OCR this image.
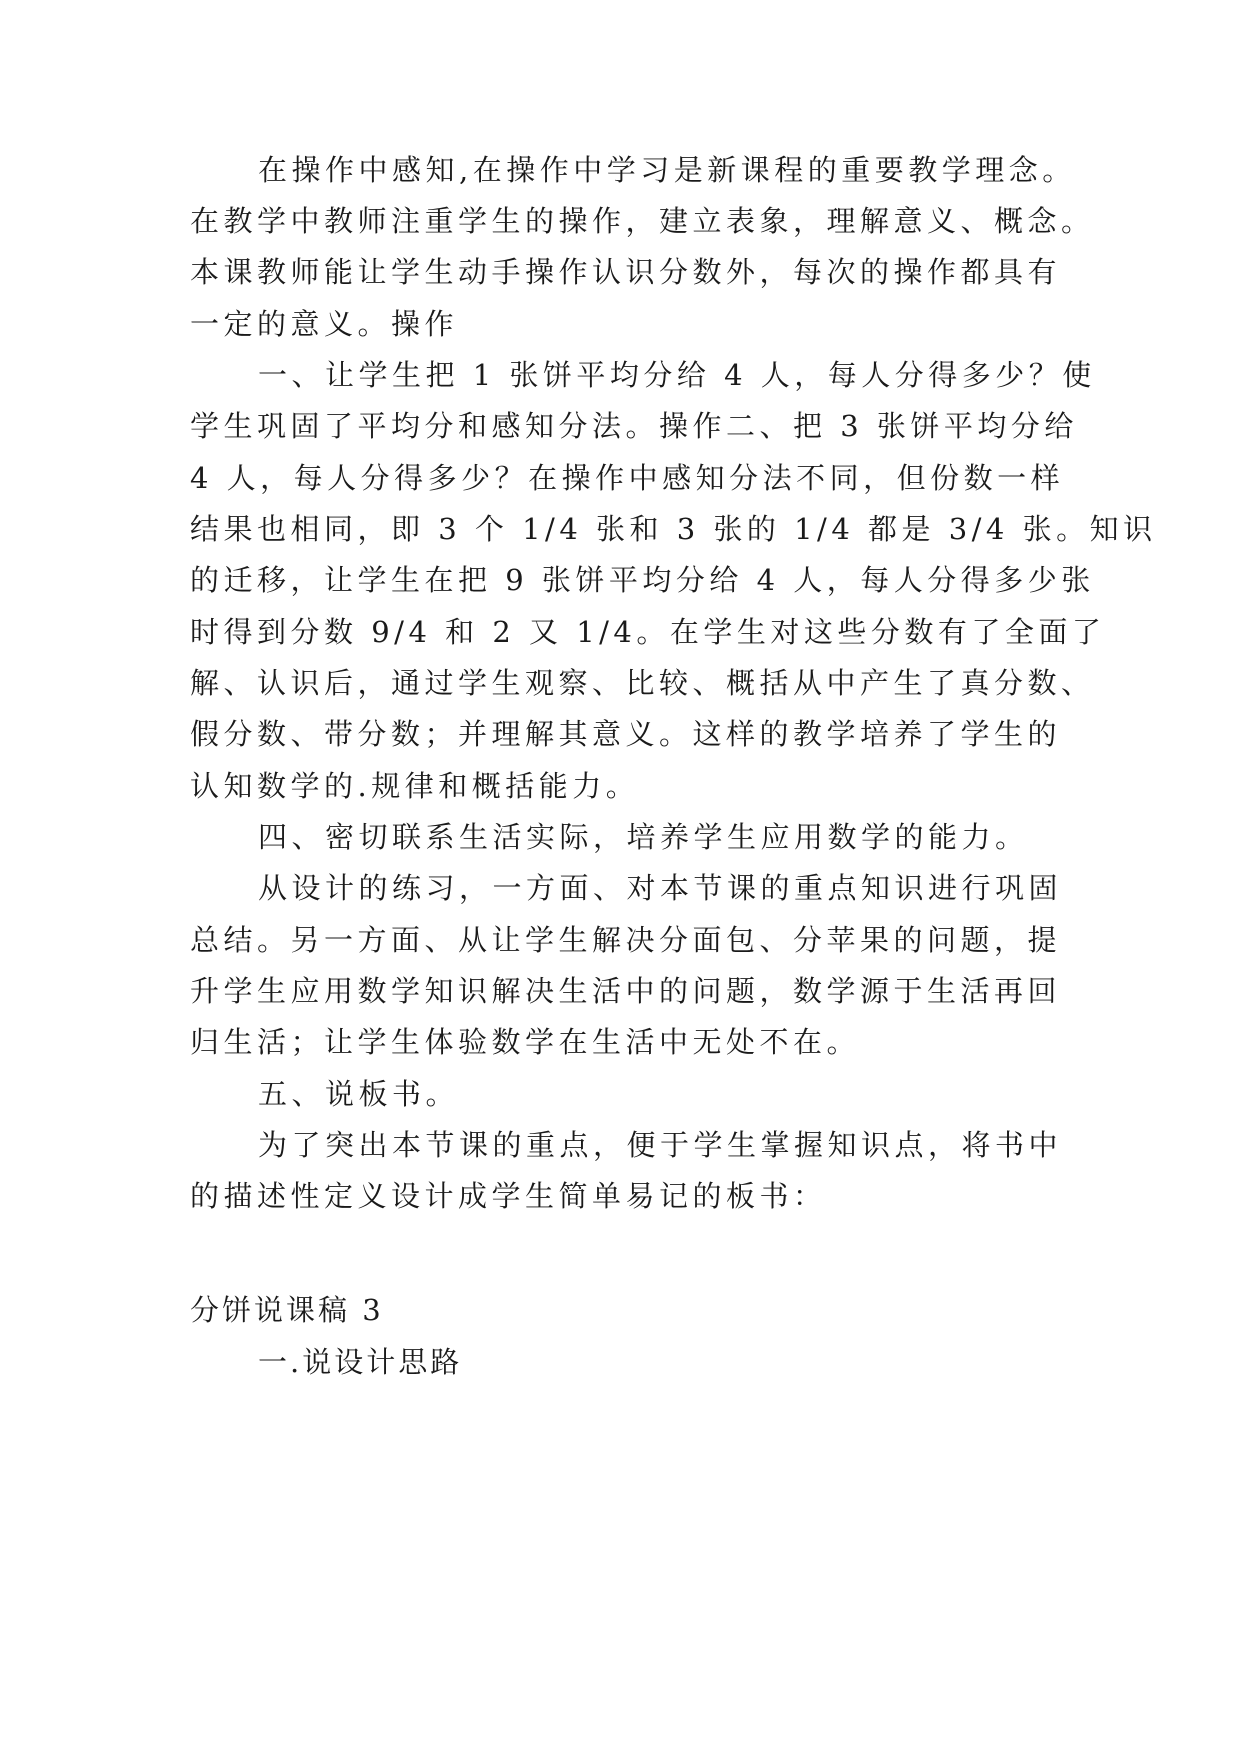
在操作中感知,在操作中学习是新课程的重要教学理念。
在教学中教师注重学生的操作，建立表象，理解意义、概念。
本课教师能让学生动手操作认识分数外，每次的操作都具有
一定的意义。操作
一、让学生把 1 张饼平均分给 4 人，每人分得多少？使
学生巩固了平均分和感知分法。操作二、把 3 张饼平均分给
4 人，每人分得多少？在操作中感知分法不同，但份数一样
结果也相同，即 3 个 1/4 张和 3 张的 1/4 都是 3/4 张。知识
的迁移，让学生在把 9 张饼平均分给 4 人，每人分得多少张
时得到分数 9/4 和 2 又 1/4。在学生对这些分数有了全面了
解、认识后，通过学生观察、比较、概括从中产生了真分数、
假分数、带分数；并理解其意义。这样的教学培养了学生的
认知数学的.规律和概括能力。
四、密切联系生活实际，培养学生应用数学的能力。
从设计的练习，一方面、对本节课的重点知识进行巩固
总结。另一方面、从让学生解决分面包、分苹果的问题，提
升学生应用数学知识解决生活中的问题，数学源于生活再回
归生活；让学生体验数学在生活中无处不在。
五、说板书。
为了突出本节课的重点，便于学生掌握知识点，将书中
的描述性定义设计成学生简单易记的板书：
分饼说课稿 3
一.说设计思路
